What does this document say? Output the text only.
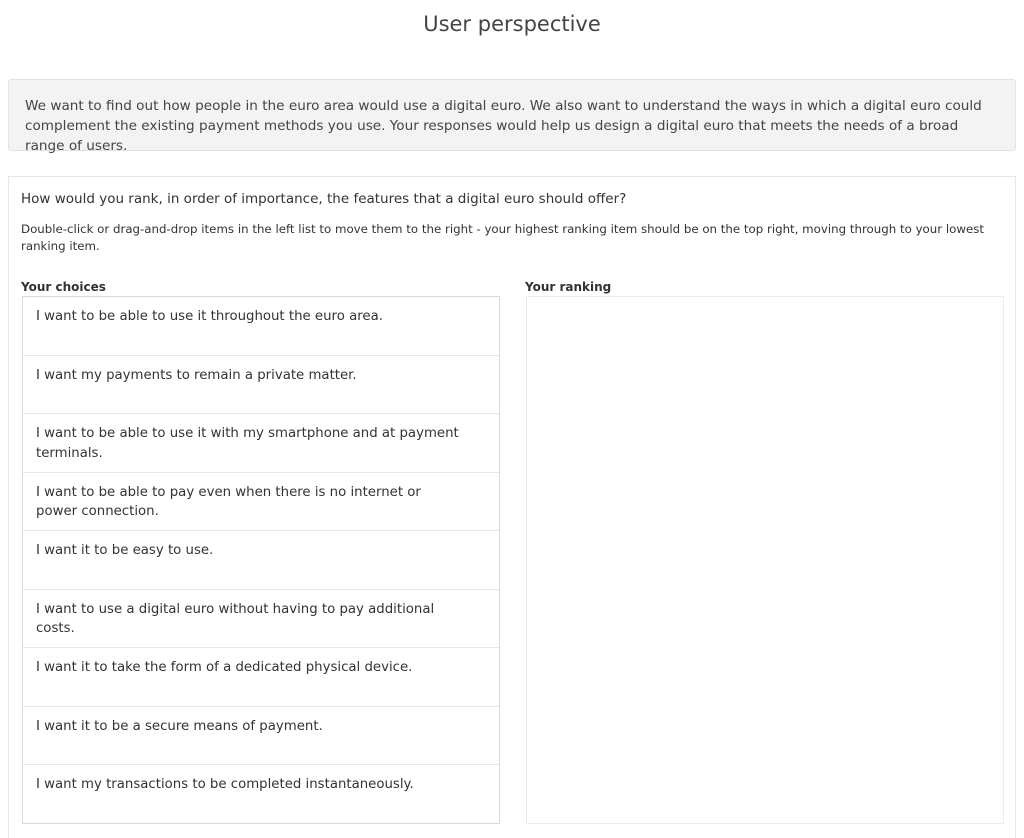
User perspective

We want to find out how people in the euro area would use a digital euro. We also want to understand the ways in which a digital euro could complement the existing payment methods you use. Your responses would help us design a digital euro that meets the needs of a broad range of users.

How would you rank, in order of importance, the features that a digital euro should offer?

Double-click or drag-and-drop items in the left list to move them to the right - your highest ranking item should be on the top right, moving through to your lowest ranking item.

Your choices	Your ranking
I want to be able to use it throughout the euro area.
I want my payments to remain a private matter.
I want to be able to use it with my smartphone and at payment terminals.
I want to be able to pay even when there is no internet or power connection.
I want it to be easy to use.
I want to use a digital euro without having to pay additional costs.
I want it to take the form of a dedicated physical device.
I want it to be a secure means of payment.
I want my transactions to be completed instantaneously.
